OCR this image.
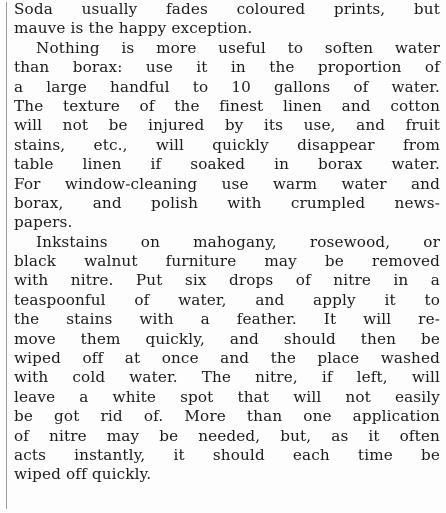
Soda usually fades coloured prints, but
mauve is the happy exception.

Nothing is more useful to soften water
than borax: use it in the proportion of
a large handful to 10 gallons of water.
The texture of the finest linen and cotton
will not be injured by its use, and fruit
stains, etc., will quickly disappear from
table linen if soaked in borax water.
For window-cleaning use warm water and
borax, and polish with crumpled news-
papers.

Inkstains on mahogany, rosewood, or
black walnut furniture may be removed
with nitre. Put six drops of nitre in a
teaspoonful of water, and apply it to
the stains with a feather. It will re-
move them quickly, and should then be
wiped off at once and the place washed
with cold water. The nitre, if left, will
leave a white spot that will not easily
be got rid of. More than one application
of nitre may be needed, but, as it often
acts instantly, it should each time be
wiped off quickly.
